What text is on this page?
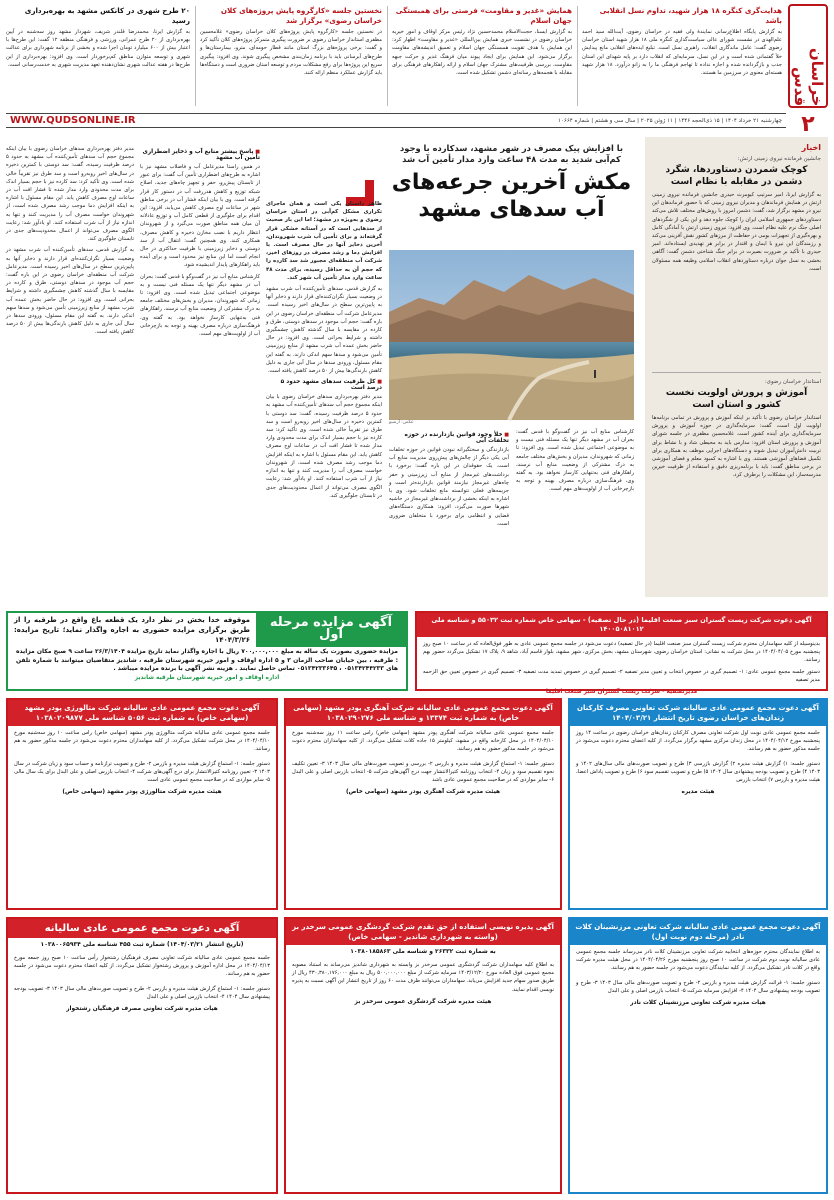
خراسان قدس
۲
هدایت‌گری کنگره ۱۸ هزار شهید، تداوم نسل انقلابی باشد
به گزارش پایگاه اطلاع‌رسانی نمایندۀ ولی فقیه در خراسان رضوی، آیت‌الله سید احمد علم‌الهدی در نشست شورای عالی سیاست‌گذاری کنگره ملی ۱۸ هزار شهید استان خراسان رضوی گفت: عامل ماندگاری انقلاب، راهبری نسل است. تبلیغ ایده‌های انقلابی مانع پیدایش خلأ گفتمانی شده است و در این نسل، سرمایه‌ای که انقلاب دارد بر پایه شهدای این استان جذب و بازگردانده شده و اجازه نداده تا تهاجم فرهنگی ما را به زانو درآورد. ۱۸ هزار شهید هسته‌ای معنوی در سرزمین ما هستند.
همایش «غدیر و مقاومت» فرصتی برای همبستگی جهان اسلام
به گزارش ایسنا، حجت‌الاسلام محمدحسین نژاد رئیس مرکز اوقاف و امور خیریه خراسان رضوی در نشست خبری همایش بین‌المللی «غدیر و مقاومت» اظهار کرد: این همایش با هدف تقویت همبستگی جهان اسلام و تعمیق اندیشه‌های مقاومت برگزار می‌شود. این همایش برای ایجاد پیوند میان فرهنگ غدیر و حرکت جبهه مقاومت، بررسی ظرفیت‌های مشترک جهان اسلام و ارائه راهکارهای فرهنگی برای مقابله با هجمه‌های رسانه‌ای دشمن تشکیل شده است.
نخستین جلسه «کارگروه پایش پروژه‌های کلان خراسان رضوی» برگزار شد
در نخستین جلسه «کارگروه پایش پروژه‌های کلان خراسان رضوی» غلامحسین مظفری استاندار خراسان رضوی بر ضرورت پیگیری متمرکز پروژه‌های کلان تأکید کرد و گفت: برخی پروژه‌های بزرگ استان مانند قطار حومه‌ای، مترو، بیمارستان‌ها و طرح‌های آبرسانی باید با برنامه زمان‌بندی مشخص پیگیری شوند. وی افزود: پیگیری سریع این پروژه‌ها برای رفع مشکلات مردم و توسعه استان ضروری است و دستگاه‌ها باید گزارش عملکرد منظم ارائه کنند.
۲۰ طرح شهری در کانکس مشهد به بهره‌برداری رسید
به گزارش ایرنا، محمدرضا قلندر شریف، شهردار مشهد روز سه‌شنبه در آیین بهره‌برداری از ۲۰ طرح عمرانی، ورزشی و فرهنگی منطقه ۱۲ گفت: این طرح‌ها با اعتبار بیش از ۶۰۰ میلیارد تومان اجرا شده و بخشی از برنامه شهرداری برای عدالت شهری و توسعه متوازن مناطق کم‌برخوردار است. وی افزود: بهره‌برداری از این طرح‌ها در هفته عدالت شهری نشان‌دهنده تعهد مدیریت شهری به خدمت‌رسانی است.
چهارشنبه ۲۱ خرداد ۱۴۰۴ | ۱۵ ذی‌الحجه ۱۴۴۶ | ۱۱ ژوئن ۲۰۲۵ | سال سی و هشتم | شماره ۱۰۶۶۴
WWW.QUDSONLINE.IR
اخبار
جانشین فرمانده نیروی زمینی ارتش:
کوچک شمردن دستاوردها، شگرد دشمن در مقابله با نظام است
به گزارش ایرنا، امیر سرتیپ کیومرث حیدری جانشین فرمانده نیروی زمینی ارتش در همایش فرماندهان و مدیران نیروی زمینی که با حضور فرماندهان این نیرو در مشهد برگزار شد، گفت: دشمن امروز با روش‌های مختلف تلاش می‌کند دستاوردهای جمهوری اسلامی ایران را کوچک جلوه دهد و این یکی از شگردهای اصلی جنگ نرم علیه نظام است. وی افزود: نیروی زمینی ارتش با آمادگی کامل و بهره‌گیری از تجهیزات بومی در حفاظت از مرزهای کشور نقش آفرینی می‌کند و رزمندگان این نیرو با ایمان و اقتدار در برابر هر تهدیدی ایستاده‌اند. امیر حیدری با تأکید بر ضرورت بصیرت در برابر جنگ شناختی دشمن گفت: آگاهی بخشی به نسل جوان درباره دستاوردهای انقلاب اسلامی وظیفه همه مسئولان است.
استاندار خراسان رضوی:
آموزش و پرورش اولویت نخست کشور و استان است
استاندار خراسان رضوی با تأکید بر اینکه آموزش و پرورش در تمامی برنامه‌ها اولویت اول است، گفت: سرمایه‌گذاری در حوزه آموزش و پرورش سرمایه‌گذاری برای آینده کشور است. غلامحسین مظفری در جلسه شورای آموزش و پرورش استان افزود: مدارس باید به محیطی شاد و با نشاط برای تربیت دانش‌آموزان تبدیل شوند و دستگاه‌های اجرایی موظف به همکاری برای تکمیل فضاهای آموزشی هستند. وی با اشاره به کمبود معلم و فضای آموزشی در برخی مناطق گفت: باید با برنامه‌ریزی دقیق و استفاده از ظرفیت خیرین مدرسه‌ساز، این مشکلات را برطرف کرد.
با افزایش پیک مصرف در شهر مشهد، سدکارده با وجود کم‌آبی شدید به مدت ۴۸ ساعت وارد مدار تأمین آب شد
مکش آخرین جرعه‌های آب سدهای مشهد
عکس: آرشیو
کارشناس منابع آب نیز در گفت‌وگو با قدس گفت: بحران آب در مشهد دیگر تنها یک مسئله فنی نیست و به موضوعی اجتماعی تبدیل شده است. وی افزود: تا زمانی که شهروندان، مدیران و بخش‌های مختلف جامعه به درک مشترکی از وضعیت منابع آب نرسند، راهکارهای فنی به‌تنهایی کارساز نخواهد بود. به گفته وی، فرهنگ‌سازی درباره مصرف بهینه و توجه به بازچرخانی آب از اولویت‌های مهم است.
■ خلأ وجود قوانین بازدارنده در حوزه تخلفات آبی
بازدارندگی و سختگیرانه نبودن قوانین در حوزه تخلفات آبی یکی دیگر از چالش‌های پیش‌روی مدیریت منابع آب است. یک حقوقدان در این باره گفت: برخورد با برداشت‌های غیرمجاز از منابع آب زیرزمینی و حفر چاه‌های غیرمجاز نیازمند قوانین بازدارنده‌تر است و جریمه‌های فعلی نتوانسته مانع تخلفات شود. وی با اشاره به اینکه بخشی از برداشت‌های غیرمجاز در حاشیه شهرها صورت می‌گیرد، افزود: همکاری دستگاه‌های قضایی و انتظامی برای برخورد با متخلفان ضروری است.
ظاهر داستان یکی است و همان ماجرای تکراری مشکل کم‌آبی در استان خراسان رضوی و به‌ویژه در مشهد؛ اما این بار صحبت از سدهایی است که در آستانه خشکی قرار گرفته‌اند و برای تأمین آب شرب شهروندان، آخرین ذخایر آنها در حال مصرف است. با افزایش دما و رشد مصرف در روزهای اخیر، شرکت آب منطقه‌ای مجبور شد سد کارده را که حجم آن به حداقل رسیده، برای مدت ۴۸ ساعت وارد مدار تأمین آب شهر کند.
به گزارش قدس، سدهای تأمین‌کننده آب شرب مشهد در وضعیت بسیار نگران‌کننده‌ای قرار دارند و ذخایر آنها به پایین‌ترین سطح در سال‌های اخیر رسیده است. مدیرعامل شرکت آب منطقه‌ای خراسان رضوی در این باره گفت: حجم آب موجود در سدهای دوستی، طرق و کارده در مقایسه با سال گذشته کاهش چشمگیری داشته و شرایط بحرانی است. وی افزود: در حال حاضر بخش عمده آب شرب مشهد از منابع زیرزمینی تأمین می‌شود و سدها سهم اندکی دارند. به گفته این مقام مسئول، ورودی سدها در سال آبی جاری به دلیل کاهش بارندگی‌ها بیش از ۵۰ درصد کاهش یافته است.
■ کل ظرفیت سدهای مشهد حدود ۵ درصد است
مدیر دفتر بهره‌برداری سدهای خراسان رضوی با بیان اینکه مجموع حجم آب سدهای تأمین‌کننده آب مشهد به حدود ۵ درصد ظرفیت رسیده، گفت: سد دوستی با کمترین ذخیره در سال‌های اخیر روبه‌رو است و سد طرق نیز تقریباً خالی شده است. وی تأکید کرد: سد کارده نیز با حجم بسیار اندک برای مدت محدودی وارد مدار شده تا فشار افت آب در ساعات اوج مصرف کاهش یابد. این مقام مسئول با اشاره به اینکه افزایش دما موجب رشد مصرف شده است، از شهروندان خواست مصرف آب را مدیریت کنند و تنها به اندازه نیاز از آب شرب استفاده کنند. او یادآور شد: رعایت الگوی مصرف می‌تواند از اعمال محدودیت‌های جدی در تابستان جلوگیری کند.
■ پاسخ بیشتر منابع آب و ذخایر اضطراری تأمین آب مشهد
در همین راستا مدیرعامل آب و فاضلاب مشهد نیز با اشاره به طرح‌های اضطراری تأمین آب گفت: برای عبور از تابستان پیش‌رو، حفر و تجهیز چاه‌های جدید، اصلاح شبکه توزیع و کاهش هدررفت آب در دستور کار قرار گرفته است. وی با بیان اینکه فشار آب در برخی مناطق شهر در ساعات اوج مصرف کاهش می‌یابد، افزود: این اقدام برای جلوگیری از قطعی کامل آب و توزیع عادلانه آن میان همه مناطق صورت می‌گیرد و از شهروندان انتظار داریم با نصب مخازن ذخیره و کاهش مصرف، همکاری کنند. وی همچنین گفت: انتقال آب از سد دوستی و ذخایر زیرزمینی با ظرفیت حداکثری در حال انجام است اما این منابع نیز محدود است و برای آینده باید راهکارهای پایدار اندیشیده شود.
کارشناس منابع آب نیز در گفت‌وگو با قدس گفت: بحران آب در مشهد دیگر تنها یک مسئله فنی نیست و به موضوعی اجتماعی تبدیل شده است. وی افزود: تا زمانی که شهروندان، مدیران و بخش‌های مختلف جامعه به درک مشترکی از وضعیت منابع آب نرسند، راهکارهای فنی به‌تنهایی کارساز نخواهد بود. به گفته وی، فرهنگ‌سازی درباره مصرف بهینه و توجه به بازچرخانی آب از اولویت‌های مهم است.
مدیر دفتر بهره‌برداری سدهای خراسان رضوی با بیان اینکه مجموع حجم آب سدهای تأمین‌کننده آب مشهد به حدود ۵ درصد ظرفیت رسیده، گفت: سد دوستی با کمترین ذخیره در سال‌های اخیر روبه‌رو است و سد طرق نیز تقریباً خالی شده است. وی تأکید کرد: سد کارده نیز با حجم بسیار اندک برای مدت محدودی وارد مدار شده تا فشار افت آب در ساعات اوج مصرف کاهش یابد. این مقام مسئول با اشاره به اینکه افزایش دما موجب رشد مصرف شده است، از شهروندان خواست مصرف آب را مدیریت کنند و تنها به اندازه نیاز از آب شرب استفاده کنند. او یادآور شد: رعایت الگوی مصرف می‌تواند از اعمال محدودیت‌های جدی در تابستان جلوگیری کند.
به گزارش قدس، سدهای تأمین‌کننده آب شرب مشهد در وضعیت بسیار نگران‌کننده‌ای قرار دارند و ذخایر آنها به پایین‌ترین سطح در سال‌های اخیر رسیده است. مدیرعامل شرکت آب منطقه‌ای خراسان رضوی در این باره گفت: حجم آب موجود در سدهای دوستی، طرق و کارده در مقایسه با سال گذشته کاهش چشمگیری داشته و شرایط بحرانی است. وی افزود: در حال حاضر بخش عمده آب شرب مشهد از منابع زیرزمینی تأمین می‌شود و سدها سهم اندکی دارند. به گفته این مقام مسئول، ورودی سدها در سال آبی جاری به دلیل کاهش بارندگی‌ها بیش از ۵۰ درصد کاهش یافته است.
آگهی دعوت شرکت زیست گستران سبز صنعت اقلیما (در حال تصفیه) - سهامی خاص شماره ثبت ۵۵۰۳۲ و شناسه ملی ۱۴۰۰۵۰۸۱۰۱۲
بدینوسیله از کلیه سهامداران محترم شرکت زیست گستران سبز صنعت اقلیما (در حال تصفیه) دعوت می‌شود در جلسه مجمع عمومی عادی به طور فوق‌العاده که در ساعت ۱۰ صبح روز پنجشنبه مورخ ۱۴۰۴/۰۴/۰۵ در محل شرکت به نشانی: استان خراسان رضوی، شهرستان مشهد، بخش مرکزی، شهر مشهد، بلوار قاسم آباد، شاهد ۹، پلاک ۱۷ تشکیل می‌گردد حضور بهم رسانند.
دستور جلسه مجمع عمومی عادی: ۱- تصمیم گیری در خصوص انتخاب و تعیین مدیر تصفیه ۲- تصمیم گیری در خصوص تمدید مدت تصفیه ۳- تصمیم گیری در خصوص تعیین حق الزحمه مدیر تصفیه
مدیرتصفیه - شرکت زیست گستران سبز صنعت اقلیما
آگهی مزایده مرحله اول
موقوفه خدا بخش در نظر دارد یک قطعه باغ واقع در طرقبه را از طریق برگزاری مزایده حضوری به اجاره واگذار نماید؛ تاریخ مزایده: ۱۴۰۴/۳/۲۶
مزایده حضوری بصورت یک ساله به مبلغ ۷۰۰,۰۰۰,۰۰۰ ریال با اجاره واگذار نماید تاریخ مزایده ۲۶/۳/۱۴۰۴ ساعت ۹ صبح مکان مزایده : طرقبه ، بین خیابان صاحب الزمان ۳ و ۵ اداره اوقاف و امور خیریه شهرستان طرقبه ، شاندیز متقاضیان میتوانند با شماره تلفن های ۰۵۱۳۴۲۴۴۲۳۳ ، ۰۵۱۳۴۲۳۳۶۴۵ تماس حاصل نمایند . هزینه نشر آگهی با برنده مزایده میباشد .
اداره اوقاف و امور خیریه شهرستان طرقبه شاندیز
آگهی دعوت مجمع عمومی عادی سالیانه شرکت تعاونی مصرف کارکنان زندان‌های خراسان رضوی تاریخ انتشار ۱۴۰۴/۰۳/۲۱
جلسه مجمع عمومی عادی نوبت اول شرکت تعاونی مصرف کارکنان زندان‌های خراسان رضوی در ساعت ۱۴ روز پنجشنبه مورخ ۱۴۰۴/۰۴/۱۲ در محل زندان مرکزی مشهد برگزار می‌گردد. از کلیه اعضای محترم دعوت می‌شود در جلسه مذکور حضور به هم رسانند.
دستور جلسه: ۱) گزارش هیئت مدیره ۲) گزارش بازرسی ۳) طرح و تصویب صورت‌های مالی سال‌های ۱۴۰۲ و ۱۴۰۳ ۴) طرح و تصویب بودجه پیشنهادی سال ۱۴۰۴ ۵) طرح و تصویب تقسیم سود ۶) طرح و تصویب پاداش اعضا، هیئت مدیره و بازرس ۷) انتخاب بازرس
هیئت مدیره
آگهی دعوت مجمع عمومی عادی سالیانه شرکت آهنگری پودر مشهد (سهامی خاص) به شماره ثبت ۱۳۳۷۴ و شناسه ملی ۱۰۳۸۰۲۹۰۲۷۶
جلسه مجمع عمومی عادی سالیانه شرکت آهنگری پودر مشهد (سهامی خاص) راس ساعت ۱۱ روز سه‌شنبه مورخ ۱۴۰۴/۰۴/۱۰ در محل کارخانه واقع در مشهد، کیلومتر ۱۵ جاده کلات تشکیل می‌گردد. از کلیه سهامداران محترم دعوت می‌شود در جلسه مذکور حضور به هم رسانند.
دستور جلسه: ۱- استماع گزارش هیئت مدیره و بازرس ۲- بررسی و تصویب صورت‌های مالی سال ۱۴۰۳ ۳- تعیین تکلیف نحوه تقسیم سود و زیان ۴- انتخاب روزنامه کثیرالانتشار جهت درج آگهی‌های شرکت ۵- انتخاب بازرس اصلی و علی البدل ۶- سایر مواردی که در صلاحیت مجمع عمومی عادی باشد
هیئت مدیره شرکت آهنگری پودر مشهد (سهامی خاص)
آگهی دعوت مجمع عمومی عادی سالیانه شرکت متالورژی پودر مشهد (سهامی خاص) به شماره ثبت ۵۰۵۶ شناسه ملی ۱۰۳۸۰۲۰۹۸۷۷
جلسه مجمع عمومی عادی سالیانه شرکت متالورژی پودر مشهد (سهامی خاص) راس ساعت ۱۰ روز سه‌شنبه مورخ ۱۴۰۴/۰۴/۱۰ در محل شرکت تشکیل می‌گردد. از کلیه سهامداران محترم دعوت می‌شود در جلسه مذکور حضور به هم رسانند.
دستور جلسه: ۱- استماع گزارش هیئت مدیره و بازرس ۲- طرح و تصویب ترازنامه و حساب سود و زیان شرکت در سال ۱۴۰۳ ۳- تعیین روزنامه کثیرالانتشار برای درج آگهی‌های شرکت ۴- انتخاب بازرس اصلی و علی البدل برای یک سال مالی ۵- سایر مواردی که در صلاحیت مجمع عمومی عادی است
هیئت مدیره شرکت متالورژی پودر مشهد (سهامی خاص)
آگهی دعوت مجمع عمومی عادی سالیانه شرکت تعاونی مرزنشینان کلات نادر (مرحله دوم نوبت اول)
به اطلاع نمایندگان محترم حوزه‌های انتخابیه شرکت تعاونی مرزنشینان کلات نادر می‌رساند جلسه مجمع عمومی عادی سالیانه نوبت دوم شرکت در ساعت ۱۰ صبح روز پنجشنبه مورخ ۱۴۰۴/۰۴/۲۶ در محل هیئت مدیره شرکت واقع در کلات نادر تشکیل می‌گردد. از کلیه نمایندگان دعوت می‌شود در جلسه حضور به هم رسانند.
دستور جلسه: ۱- قرائت گزارش هیئت مدیره و بازرس ۲- طرح و تصویب صورت‌های مالی سال ۱۴۰۳ ۳- طرح و تصویب بودجه پیشنهادی سال ۱۴۰۴ ۴- افزایش سرمایه شرکت ۵- انتخاب بازرس اصلی و علی البدل
هیات مدیره شرکت تعاونی مرزنشینان کلات نادر
آگهی پذیره نویسی استفاده از حق تقدم شرکت گردشگری عمومی سرخدر بز (واسته به شهرداری شاندیز - سهامی خاص)
به شماره ثبت ۲۶۳۳۲ و شناسه ملی ۱۰۳۸۰۱۸۵۸۶۳
به اطلاع کلیه سهامداران شرکت گردشگری عمومی سرخدر بز وابسته به شهرداری شاندیز می‌رساند به استناد مصوبه مجمع عمومی فوق العاده مورخ ۱۴۰۳/۱۲/۲۰ سرمایه شرکت از مبلغ ۵۰۰,۰۰۰,۰۰۰ ریال به مبلغ ۴۳۰,۳۸۰,۱۷۶,۰۰۰ ریال از طریق صدور سهام جدید افزایش می‌یابد. سهامداران می‌توانند ظرف مدت ۶۰ روز از تاریخ انتشار این آگهی نسبت به پذیره نویسی اقدام نمایند.
هیئت مدیره شرکت گردشگری عمومی سرخدر بز
آگهی دعوت مجمع عمومی عادی سالیانه
(تاریخ انتشار ۱۴۰۴/۰۳/۲۱) شماره ثبت ۴۵۵ شناسه ملی ۱۰۳۸۰۰۶۵۹۳۴
جلسه مجمع عمومی عادی سالیانه شرکت تعاونی مصرف فرهنگیان رشتخوار رأس ساعت ۱۰ صبح روز جمعه مورخ ۱۴۰۴/۰۴/۱۳ در محل اداره آموزش و پرورش رشتخوار تشکیل می‌گردد. از کلیه اعضاء محترم دعوت می‌شود در جلسه حضور به هم رسانند.
دستور جلسه: ۱- استماع گزارش هیئت مدیره و بازرس ۲- طرح و تصویب صورت‌های مالی سال ۱۴۰۳ ۳- تصویب بودجه پیشنهادی سال ۱۴۰۴ ۴- انتخاب بازرس اصلی و علی البدل
هیات مدیره شرکت تعاونی مصرف فرهنگیان رشتخوار
